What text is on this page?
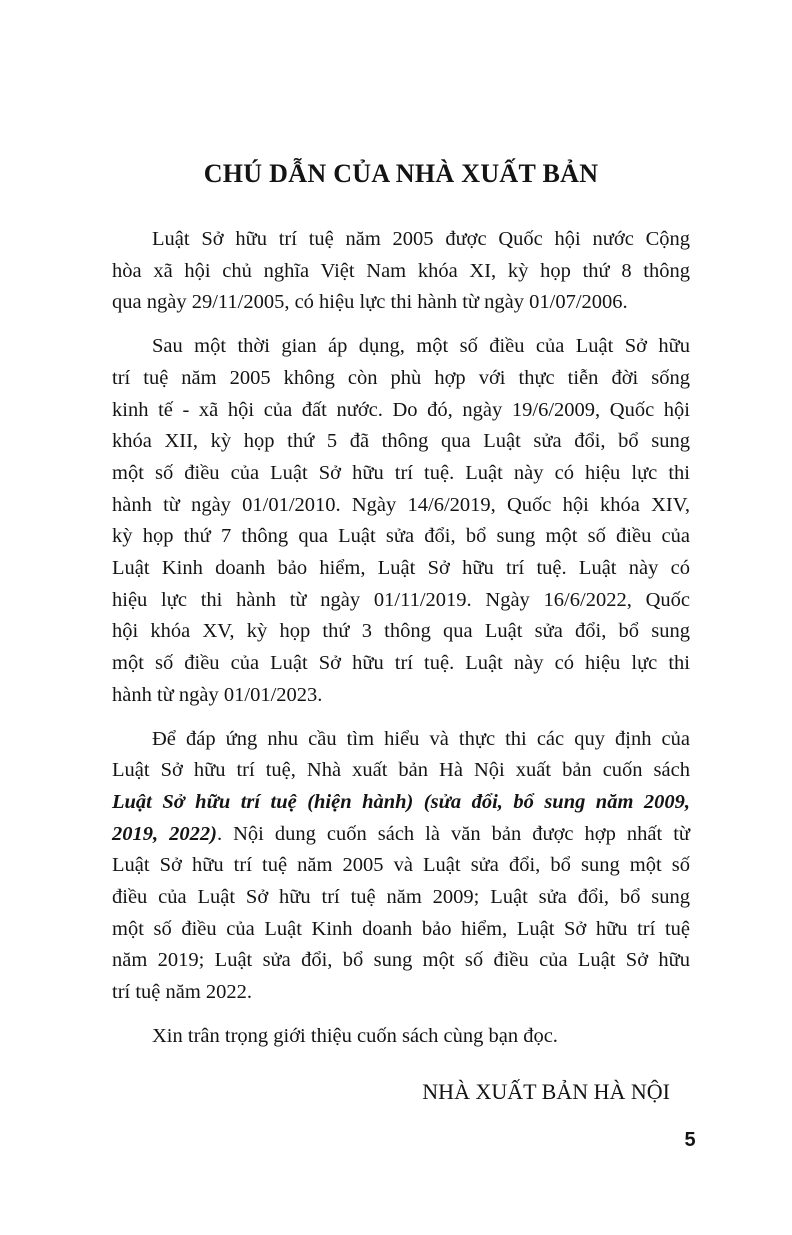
CHÚ DẪN CỦA NHÀ XUẤT BẢN
Luật Sở hữu trí tuệ năm 2005 được Quốc hội nước Cộng
hòa xã hội chủ nghĩa Việt Nam khóa XI, kỳ họp thứ 8 thông
qua ngày 29/11/2005, có hiệu lực thi hành từ ngày 01/07/2006.
Sau một thời gian áp dụng, một số điều của Luật Sở hữu
trí tuệ năm 2005 không còn phù hợp với thực tiễn đời sống
kinh tế - xã hội của đất nước. Do đó, ngày 19/6/2009, Quốc hội
khóa XII, kỳ họp thứ 5 đã thông qua Luật sửa đổi, bổ sung
một số điều của Luật Sở hữu trí tuệ. Luật này có hiệu lực thi
hành từ ngày 01/01/2010. Ngày 14/6/2019, Quốc hội khóa XIV,
kỳ họp thứ 7 thông qua Luật sửa đổi, bổ sung một số điều của
Luật Kinh doanh bảo hiểm, Luật Sở hữu trí tuệ. Luật này có
hiệu lực thi hành từ ngày 01/11/2019. Ngày 16/6/2022, Quốc
hội khóa XV, kỳ họp thứ 3 thông qua Luật sửa đổi, bổ sung
một số điều của Luật Sở hữu trí tuệ. Luật này có hiệu lực thi
hành từ ngày 01/01/2023.
Để đáp ứng nhu cầu tìm hiểu và thực thi các quy định của
Luật Sở hữu trí tuệ, Nhà xuất bản Hà Nội xuất bản cuốn sách
Luật Sở hữu trí tuệ (hiện hành) (sửa đổi, bổ sung năm 2009,
2019, 2022). Nội dung cuốn sách là văn bản được hợp nhất từ
Luật Sở hữu trí tuệ năm 2005 và Luật sửa đổi, bổ sung một số
điều của Luật Sở hữu trí tuệ năm 2009; Luật sửa đổi, bổ sung
một số điều của Luật Kinh doanh bảo hiểm, Luật Sở hữu trí tuệ
năm 2019; Luật sửa đổi, bổ sung một số điều của Luật Sở hữu
trí tuệ năm 2022.
Xin trân trọng giới thiệu cuốn sách cùng bạn đọc.
NHÀ XUẤT BẢN HÀ NỘI
5
